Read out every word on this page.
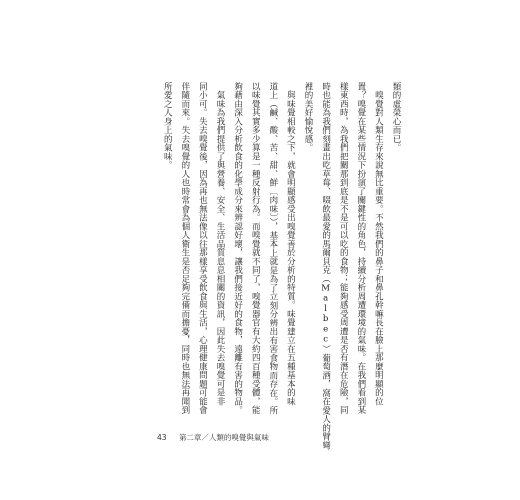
類的虛榮心而已。
　嗅覺對人類生存來說無比重要。不然我們的鼻子和鼻孔幹嘛長在臉上那麼明顯的位
置？嗅覺在某些情況下扮演了關鍵性的角色，持續分析周遭環境的氣味。在我們看到某
樣東西時，為我們把關那到底是不是可以吃的食物；能夠感受周遭是否有潛在危險，同
時也能為我們刻畫出吃草莓、啜飲最愛的馬爾貝克（Malbec）葡萄酒，窩在愛人的臂彎
裡的美好愉悅感。
　與味覺相較之下，就會明顯感受出嗅覺善於分析的特質。味覺建立在五種基本的味
道上（鹹、酸、苦、甜、鮮〔肉味〕），基本上就是為了立刻分辨出有害食物而存在。所
以味覺其實多少算是一種反射行為。而嗅覺就不同了，嗅覺器官有大約四百種受體，能
夠藉由深入分析飲食的化學成分來辨認好壞，讓我們接近好的食物，遠離有害的物品。
　氣味為我們提供了與營養、安全、生活品質息息相關的資訊，因此失去嗅覺可是非
同小可。失去嗅覺後，因為再也無法像以往那樣享受飲食與生活，心理健康問題可能會
伴隨而來。失去嗅覺的人也時常會為個人衛生是否足夠完備而擔憂，同時也無法再聞到
所愛之人身上的氣味。
43 第二章／人類的嗅覺與氣味
